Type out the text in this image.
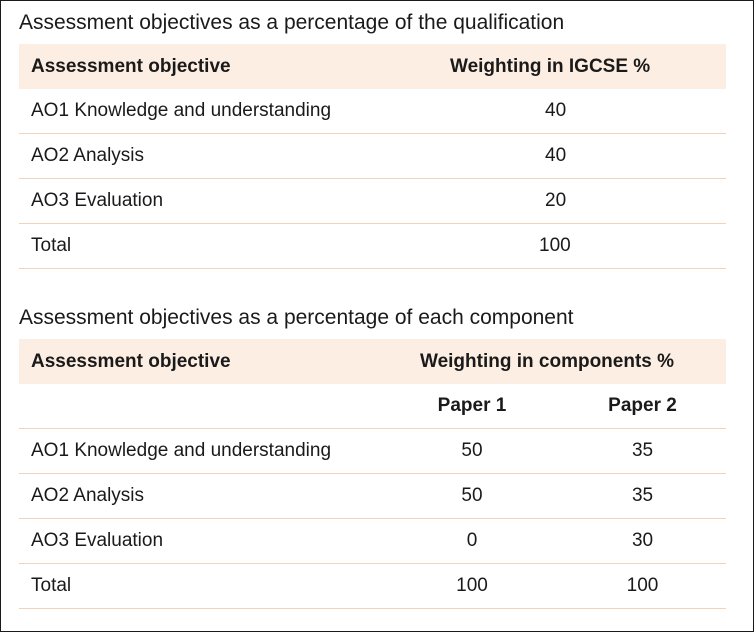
Assessment objectives as a percentage of the qualification
Assessment objective	Weighting in IGCSE %
AO1 Knowledge and understanding	40
AO2 Analysis	40
AO3 Evaluation	20
Total	100
Assessment objectives as a percentage of each component
Assessment objective	Weighting in components %	
	Paper 1	Paper 2
AO1 Knowledge and understanding	50	35
AO2 Analysis	50	35
AO3 Evaluation	0	30
Total	100	100
